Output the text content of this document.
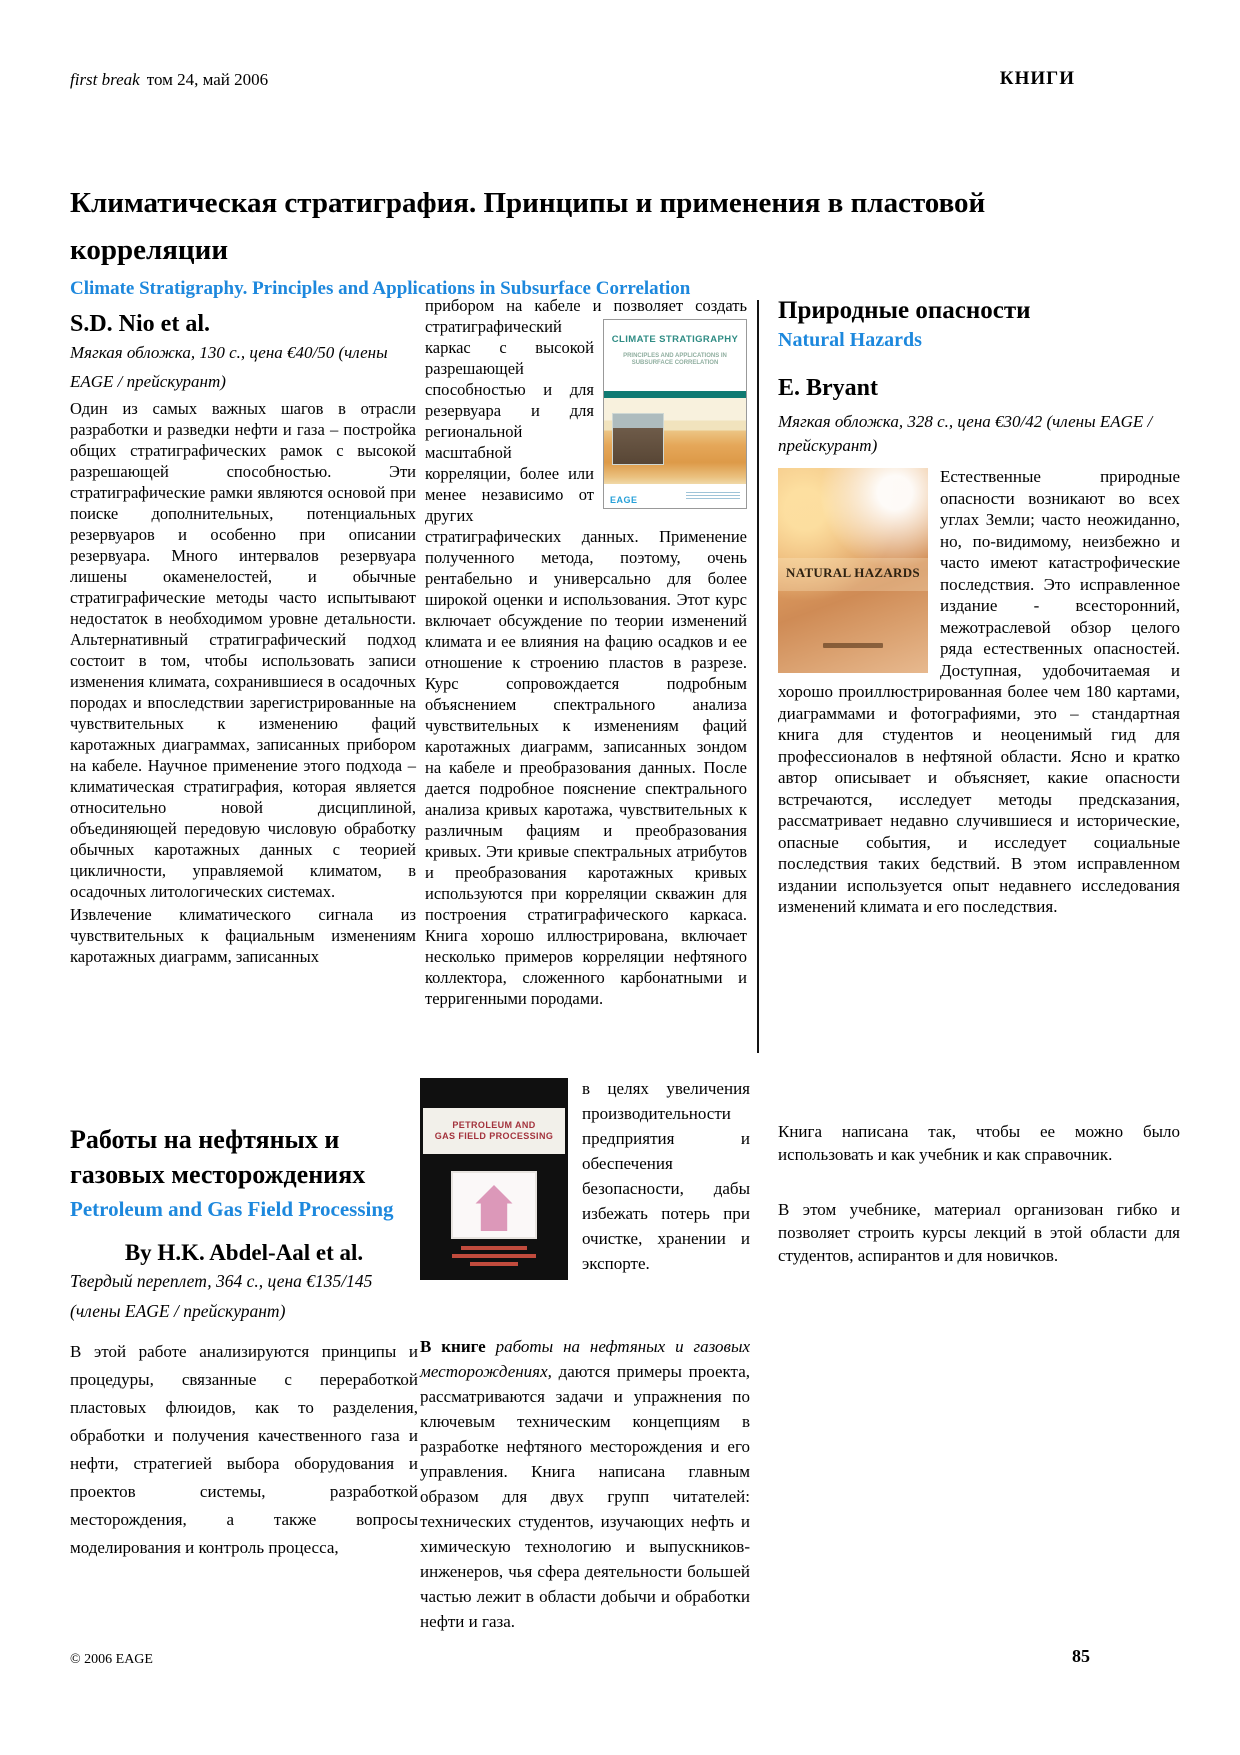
first break том 24, май 2006	КНИГИ
Климатическая стратиграфия. Принципы и применения в пластовой корреляции
Climate Stratigraphy. Principles and Applications in Subsurface Correlation
S.D. Nio et al.

Мягкая обложка, 130 с., цена €40/50 (члены EAGE / прейскурант)

Один из самых важных шагов в отрасли разработки и разведки нефти и газа – постройка общих стратиграфических рамок с высокой разрешающей способностью. Эти стратиграфические рамки являются основой при поиске дополнительных, потенциальных резервуаров и особенно при описании резервуара. Много интервалов резервуара лишены окаменелостей, и обычные стратиграфические методы часто испытывают недостаток в необходимом уровне детальности. Альтернативный стратиграфический подход состоит в том, чтобы использовать записи изменения климата, сохранившиеся в осадочных породах и впоследствии зарегистрированные на чувствительных к изменению фаций каротажных диаграммах, записанных прибором на кабеле. Научное применение этого подхода – климатическая стратиграфия, которая является относительно новой дисциплиной, объединяющей передовую числовую обработку обычных каротажных данных с теорией цикличности, управляемой климатом, в осадочных литологических системах.

Извлечение климатического сигнала из чувствительных к фациальным изменениям каротажных диаграмм, записанных

прибором на кабеле и позволяет создать
CLIMATE STRATIGRAPHY
PRINCIPLES AND APPLICATIONS IN SUBSURFACE CORRELATION
EAGE
стратиграфический каркас с высокой разрешающей способностью и для резервуара и для региональной масштабной корреляции, более или менее независимо от других стратиграфических данных. Применение полученного метода, поэтому, очень рентабельно и универсально для более широкой оценки и использования. Этот курс включает обсуждение по теории изменений климата и ее влияния на фацию осадков и ее отношение к строению пластов в разрезе. Курс сопровождается подробным объяснением спектрального анализа чувствительных к изменениям фаций каротажных диаграмм, записанных зондом на кабеле и преобразования данных. После дается подробное пояснение спектрального анализа кривых каротажа, чувствительных к различным фациям и преобразования кривых. Эти кривые спектральных атрибутов и преобразования каротажных кривых используются при корреляции скважин для построения стратиграфического каркаса. Книга хорошо иллюстрирована, включает несколько примеров корреляции нефтяного коллектора, сложенного карбонатными и терригенными породами.

Природные опасности
Natural Hazards
E. Bryant

Мягкая обложка, 328 с., цена €30/42 (члены EAGE / прейскурант)

NATURAL HAZARDS
Естественные природные опасности возникают во всех углах Земли; часто неожиданно, но, по-видимому, неизбежно и часто имеют катастрофические последствия. Это исправленное издание - всесторонний, межотраслевой обзор целого ряда естественных опасностей. Доступная, удобочитаемая и хорошо проиллюстрированная более чем 180 картами, диаграммами и фотографиями, это – стандартная книга для студентов и неоценимый гид для профессионалов в нефтяной области. Ясно и кратко автор описывает и объясняет, какие опасности встречаются, исследует методы предсказания, рассматривает недавно случившиеся и исторические, опасные события, и исследует социальные последствия таких бедствий. В этом исправленном издании используется опыт недавнего исследования изменений климата и его последствия.

Работы на нефтяных и газовых месторождениях
Petroleum and Gas Field Processing
By H.K. Abdel-Aal et al.

Твердый переплет, 364 с., цена €135/145 (члены EAGE / прейскурант)

В этой работе анализируются принципы и процедуры, связанные с переработкой пластовых флюидов, как то разделения, обработки и получения качественного газа и нефти, стратегией выбора оборудования и проектов системы, разработкой месторождения, а также вопросы моделирования и контроль процесса,

PETROLEUM AND
GAS FIELD PROCESSING
в целях увеличения производительности предприятия и обеспечения безопасности, дабы избежать потерь при очистке, хранении и экспорте.

В книге работы на нефтяных и газовых месторождениях, даются примеры проекта, рассматриваются задачи и упражнения по ключевым техническим концепциям в разработке нефтяного месторождения и его управления. Книга написана главным образом для двух групп читателей: технических студентов, изучающих нефть и химическую технологию и выпускников-инженеров, чья сфера деятельности большей частью лежит в области добычи и обработки нефти и газа.

Книга написана так, чтобы ее можно было использовать и как учебник и как справочник.

В этом учебнике, материал организован гибко и позволяет строить курсы лекций в этой области для студентов, аспирантов и для новичков.

© 2006 EAGE	85
